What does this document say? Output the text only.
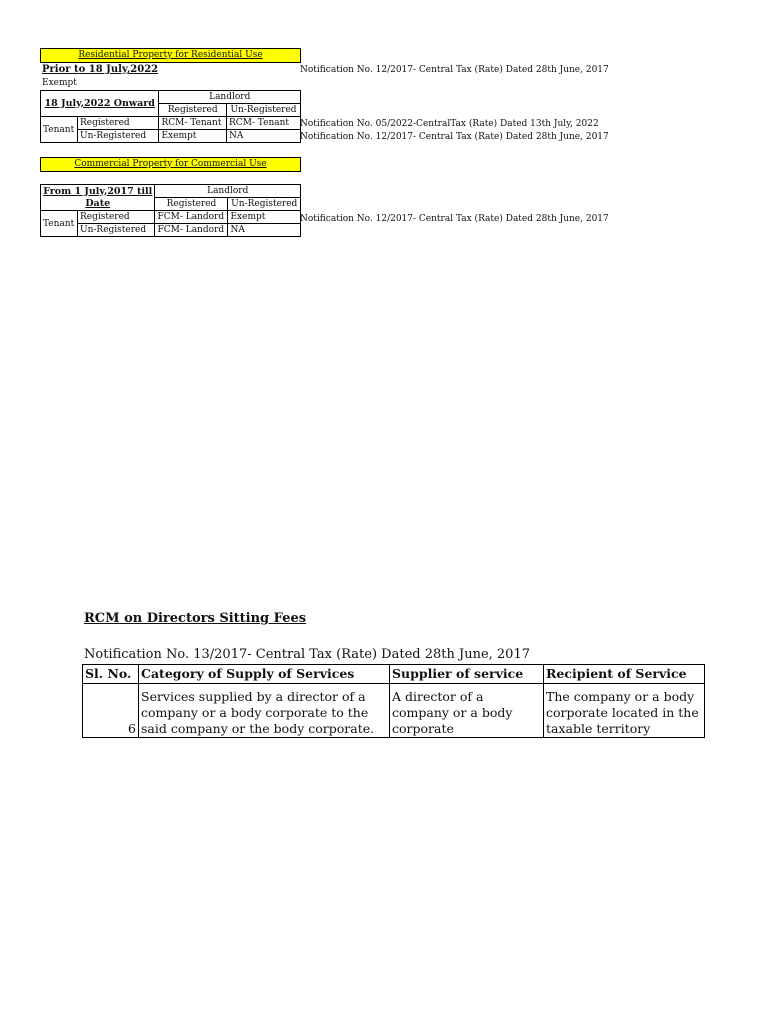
Residential Property for Residential Use
Prior to 18 July,2022	Notification No. 12/2017- Central Tax (Rate) Dated 28th June, 2017
Exempt
18 July,2022 Onward		Landlord	
		Registered	Un-Registered
Tenant	Registered	RCM- Tenant	RCM- Tenant
	Un-Registered	Exempt	NA
Notification No. 05/2022-CentralTax (Rate) Dated 13th July, 2022
Notification No. 12/2017- Central Tax (Rate) Dated 28th June, 2017
Commercial Property for Commercial Use
From 1 July,2017 till Date		Landlord	
		Registered	Un-Registered
Tenant	Registered	FCM- Landord	Exempt
	Un-Registered	FCM- Landord	NA
Notification No. 12/2017- Central Tax (Rate) Dated 28th June, 2017
RCM on Directors Sitting Fees
Notification No. 13/2017- Central Tax (Rate) Dated 28th June, 2017
Sl. No.	Category of Supply of Services	Supplier of service	Recipient of Service
6	Services supplied by a director of a company or a body corporate to the said company or the body corporate.	A director of a company or a body corporate	The company or a body corporate located in the taxable territory
